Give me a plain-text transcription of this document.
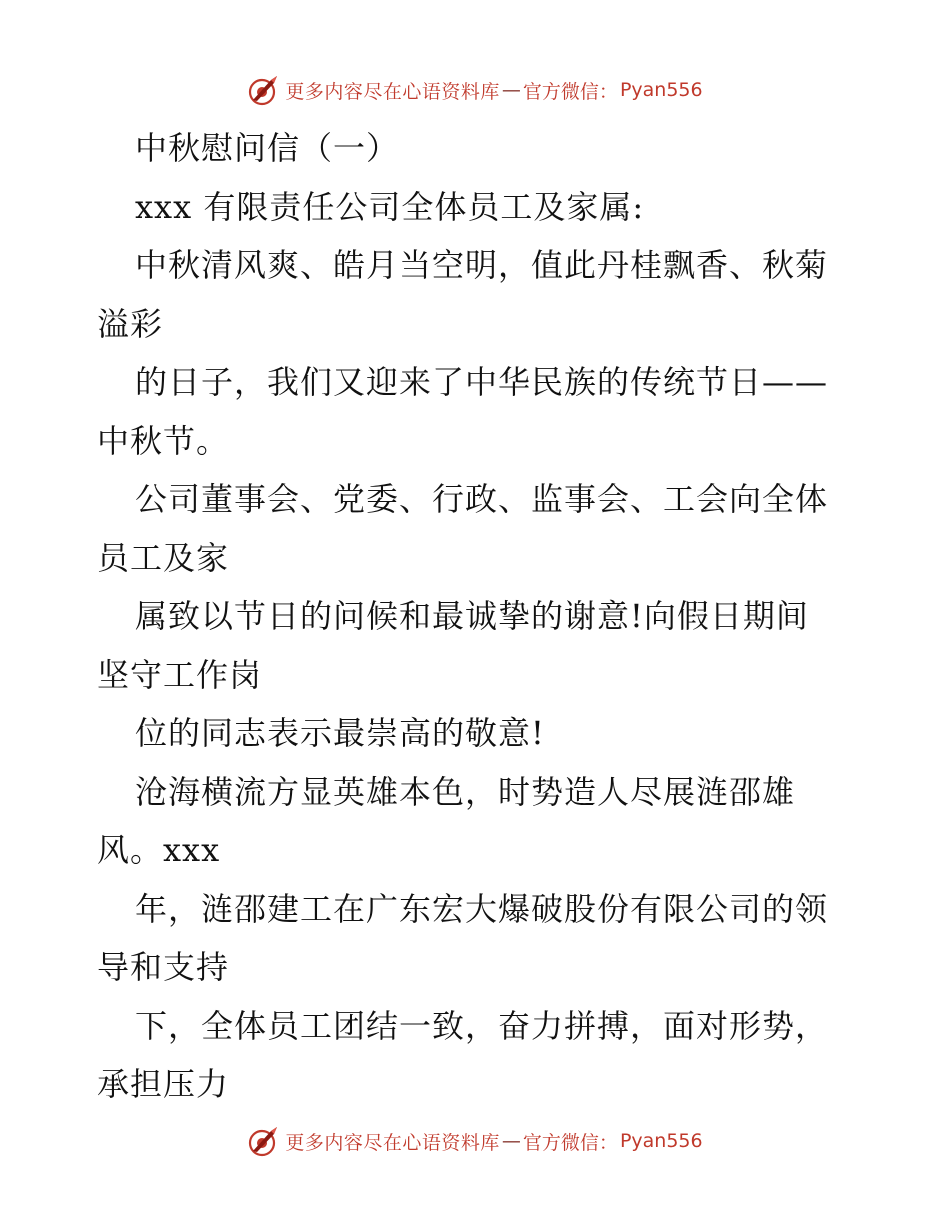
更多内容尽在心语资料库 — 官方微信： Pyan556
中秋慰问信（一）
xxx 有限责任公司全体员工及家属:
中秋清风爽、皓月当空明，值此丹桂飘香、秋菊
溢彩
的日子，我们又迎来了中华民族的传统节日——
中秋节。
公司董事会、党委、行政、监事会、工会向全体
员工及家
属致以节日的问候和最诚挚的谢意!向假日期间
坚守工作岗
位的同志表示最崇高的敬意!
沧海横流方显英雄本色，时势造人尽展涟邵雄
风。xxx
年，涟邵建工在广东宏大爆破股份有限公司的领
导和支持
下，全体员工团结一致，奋力拼搏，面对形势，
承担压力
更多内容尽在心语资料库 — 官方微信： Pyan556
